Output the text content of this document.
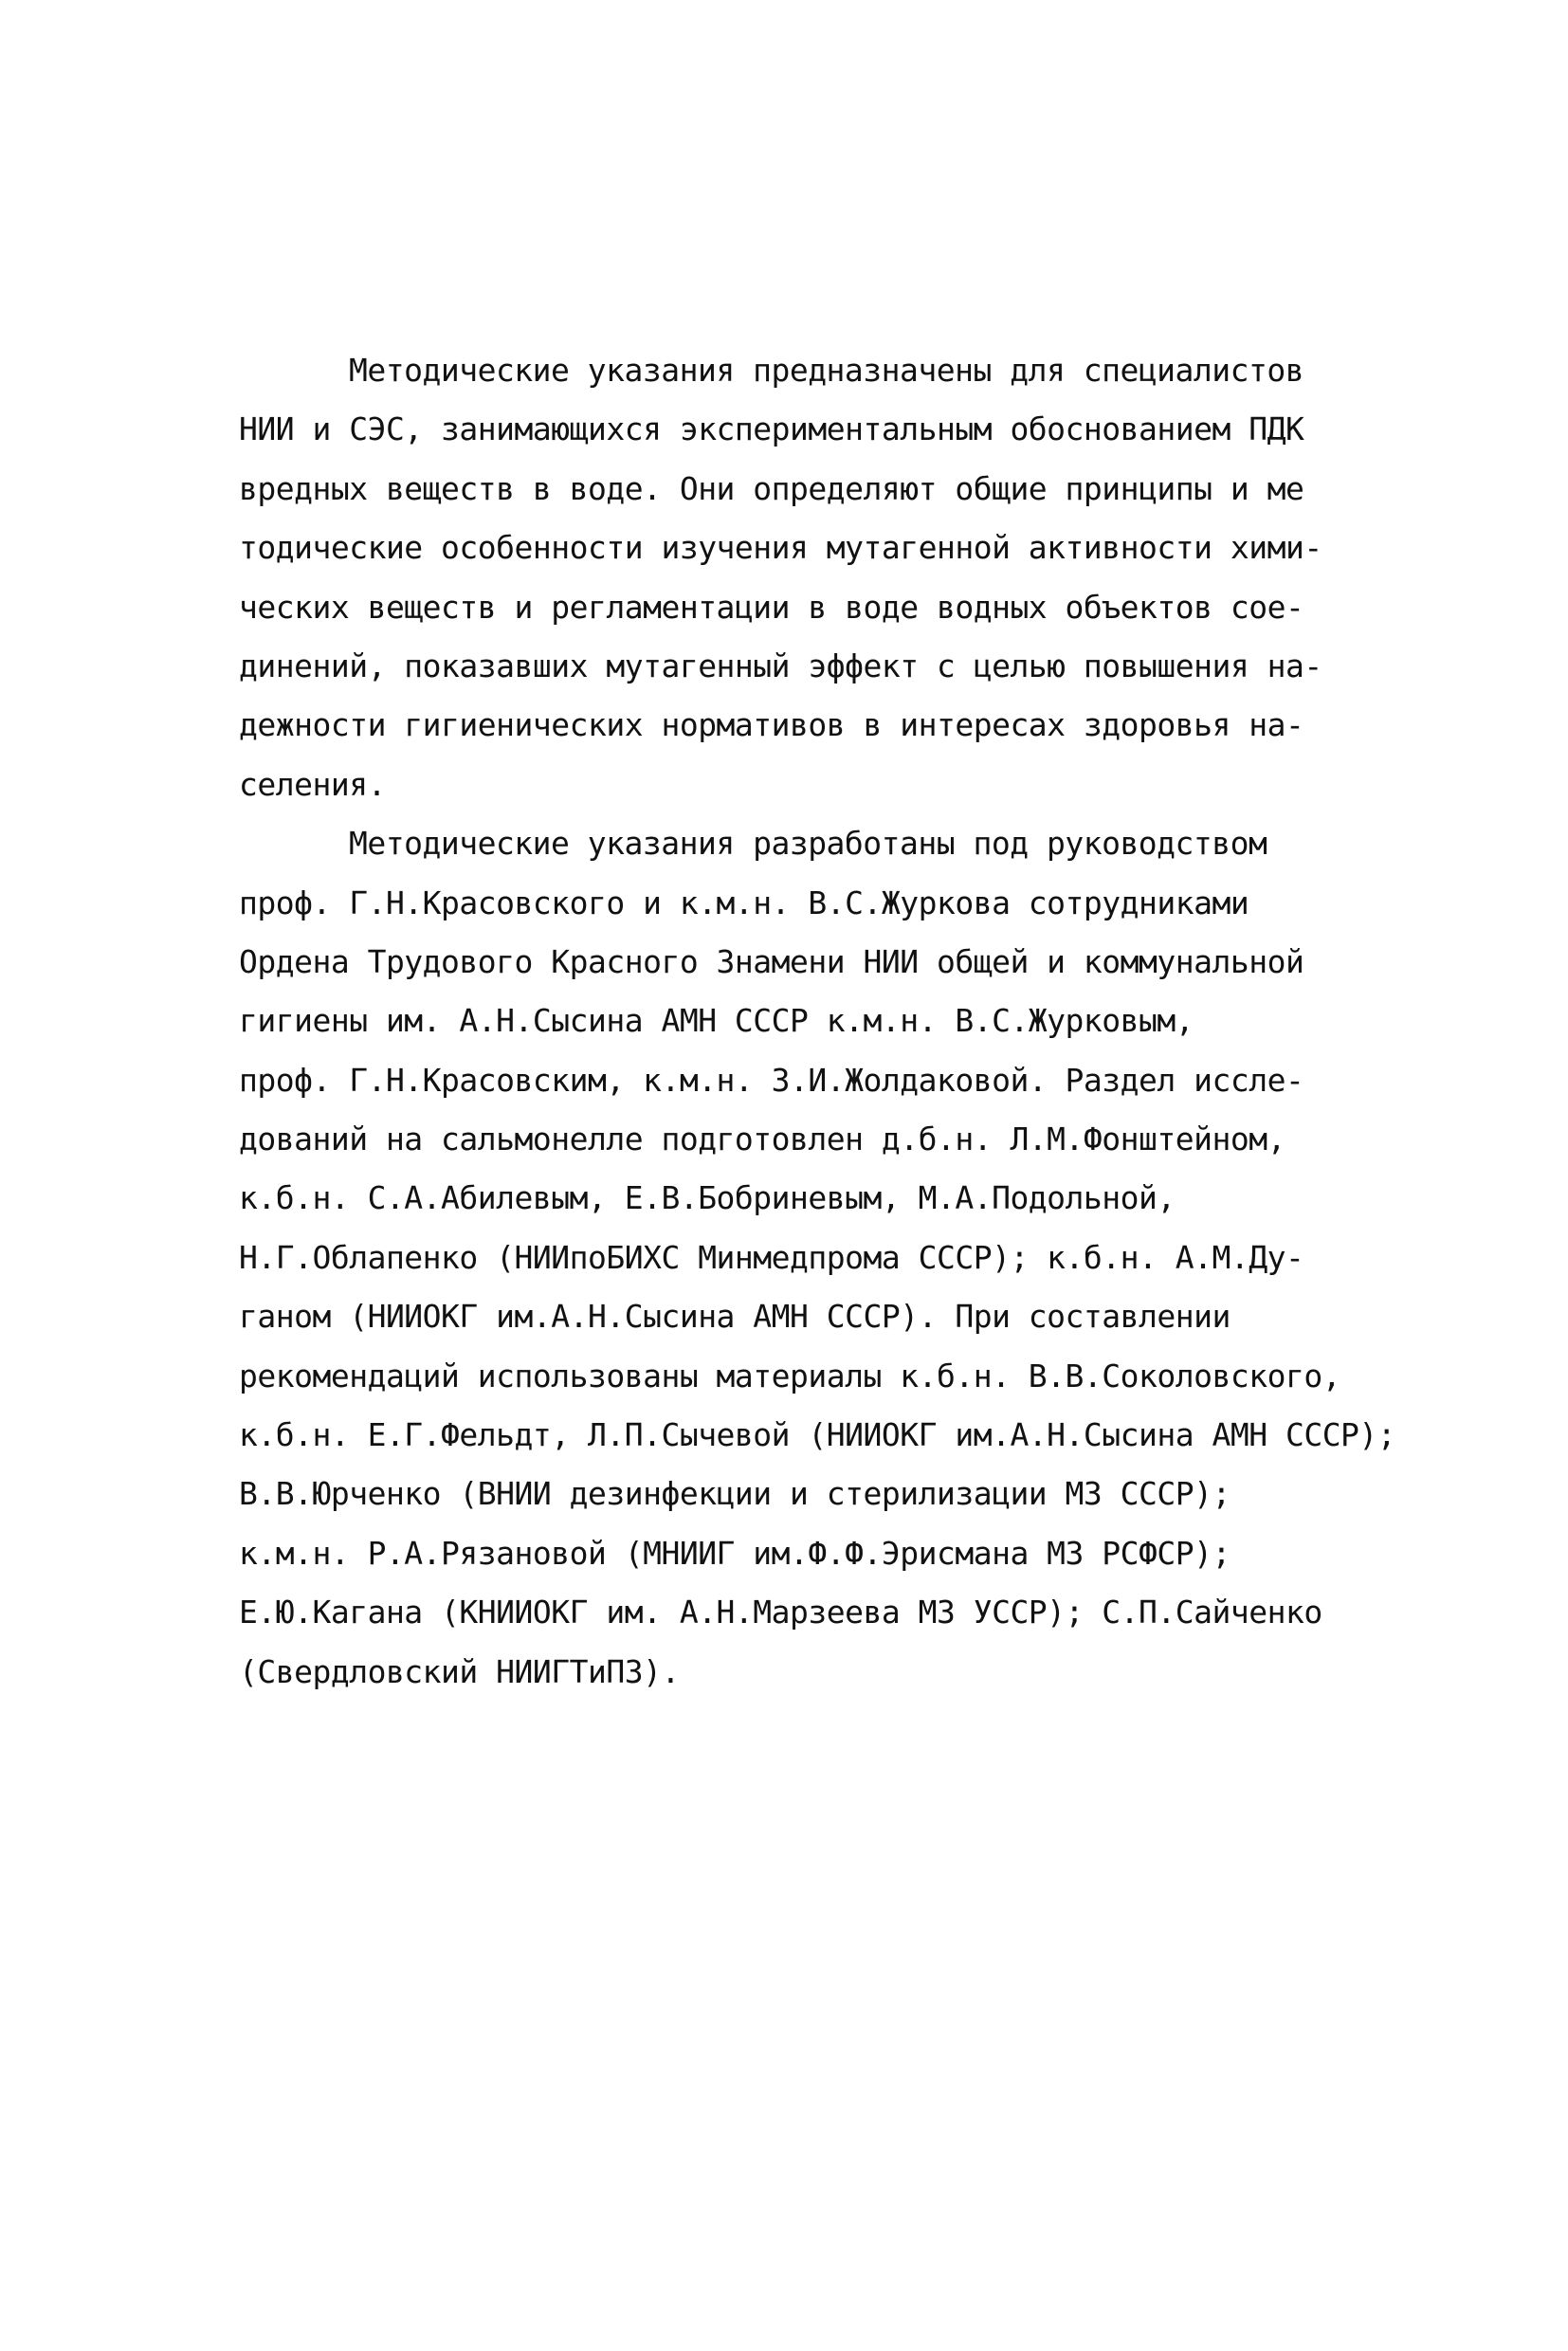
Методические указания предназначены для специалистов
НИИ и СЭС, занимающихся экспериментальным обоснованием ПДК
вредных веществ в воде. Они определяют общие принципы и ме
тодические особенности изучения мутагенной активности хими-
ческих веществ и регламентации в воде водных объектов сое-
динений, показавших мутагенный эффект с целью повышения на-
дежности гигиенических нормативов в интересах здоровья на-
селения.
Методические указания разработаны под руководством
проф. Г.Н.Красовского и к.м.н. В.С.Журкова сотрудниками
Ордена Трудового Красного Знамени НИИ общей и коммунальной
гигиены им. А.Н.Сысина АМН СССР к.м.н. В.С.Журковым,
проф. Г.Н.Красовским, к.м.н. З.И.Жолдаковой. Раздел иссле-
дований на сальмонелле подготовлен д.б.н. Л.М.Фонштейном,
к.б.н. С.А.Абилевым, Е.В.Бобриневым, М.А.Подольной,
Н.Г.Облапенко (НИИпоБИХС Минмедпрома СССР); к.б.н. А.М.Ду-
ганом (НИИОКГ им.А.Н.Сысина АМН СССР). При составлении
рекомендаций использованы материалы к.б.н. В.В.Соколовского,
к.б.н. Е.Г.Фельдт, Л.П.Сычевой (НИИОКГ им.А.Н.Сысина АМН СССР);
В.В.Юрченко (ВНИИ дезинфекции и стерилизации МЗ СССР);
к.м.н. Р.А.Рязановой (МНИИГ им.Ф.Ф.Эрисмана МЗ РСФСР);
Е.Ю.Кагана (КНИИОКГ им. А.Н.Марзеева МЗ УССР); С.П.Сайченко
(Свердловский НИИГТиПЗ).
